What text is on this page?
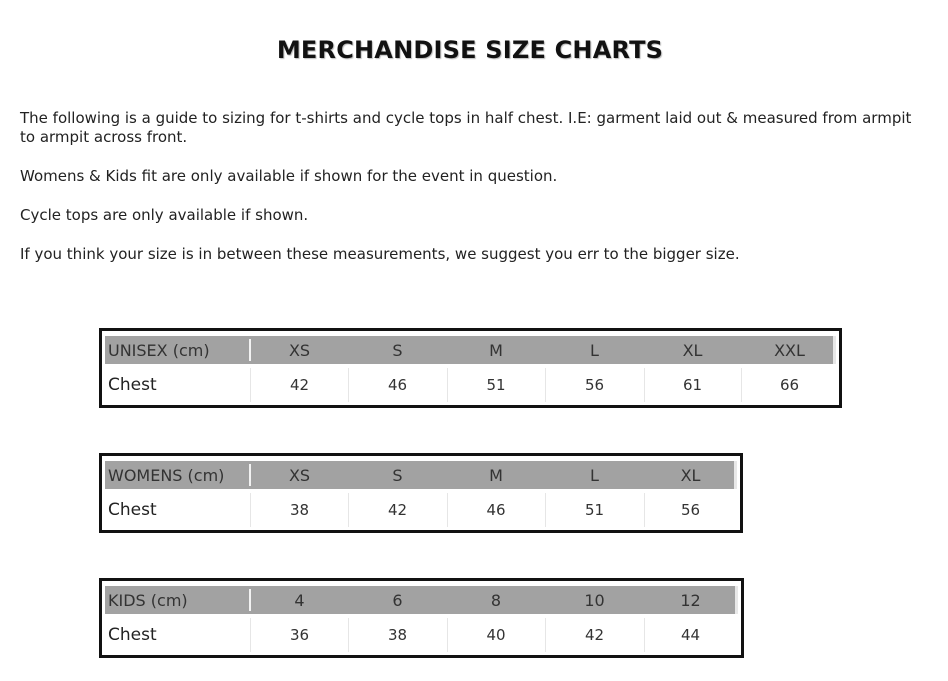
MERCHANDISE SIZE CHARTS

The following is a guide to sizing for t-shirts and cycle tops in half chest. I.E: garment laid out & measured from armpit to armpit across front.

Womens & Kids fit are only available if shown for the event in question.

Cycle tops are only available if shown.

If you think your size is in between these measurements, we suggest you err to the bigger size.

UNISEX (cm)	XS	S	M	L	XL	XXL
Chest	42	46	51	56	61	66
WOMENS (cm)	XS	S	M	L	XL
Chest	38	42	46	51	56
KIDS (cm)	4	6	8	10	12
Chest	36	38	40	42	44
